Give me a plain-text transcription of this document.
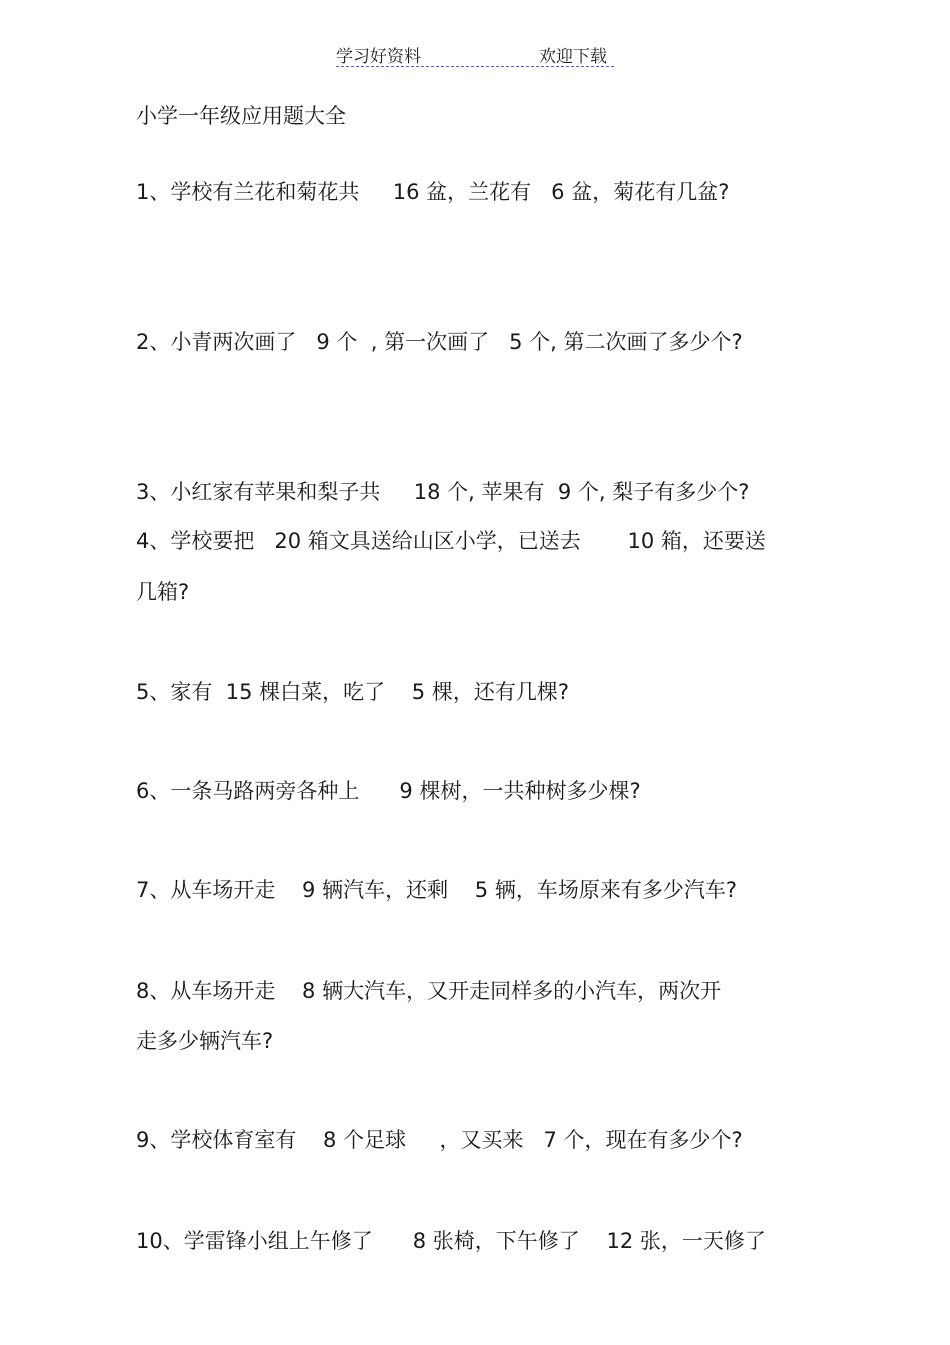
学习好资料	欢迎下载
小学一年级应用题大全
1、学校有兰花和菊花共     16 盆，兰花有   6 盆，菊花有几盆?
2、小青两次画了   9 个  , 第一次画了   5 个, 第二次画了多少个?
3、小红家有苹果和梨子共     18 个, 苹果有  9 个, 梨子有多少个?
4、学校要把   20 箱文具送给山区小学，已送去       10 箱，还要送
几箱?
5、家有  15 棵白菜，吃了    5 棵，还有几棵?
6、一条马路两旁各种上      9 棵树，一共种树多少棵?
7、从车场开走    9 辆汽车，还剩    5 辆，车场原来有多少汽车?
8、从车场开走    8 辆大汽车，又开走同样多的小汽车，两次开
走多少辆汽车?
9、学校体育室有    8 个足球     ，又买来   7 个，现在有多少个?
10、学雷锋小组上午修了      8 张椅，下午修了    12 张，一天修了
